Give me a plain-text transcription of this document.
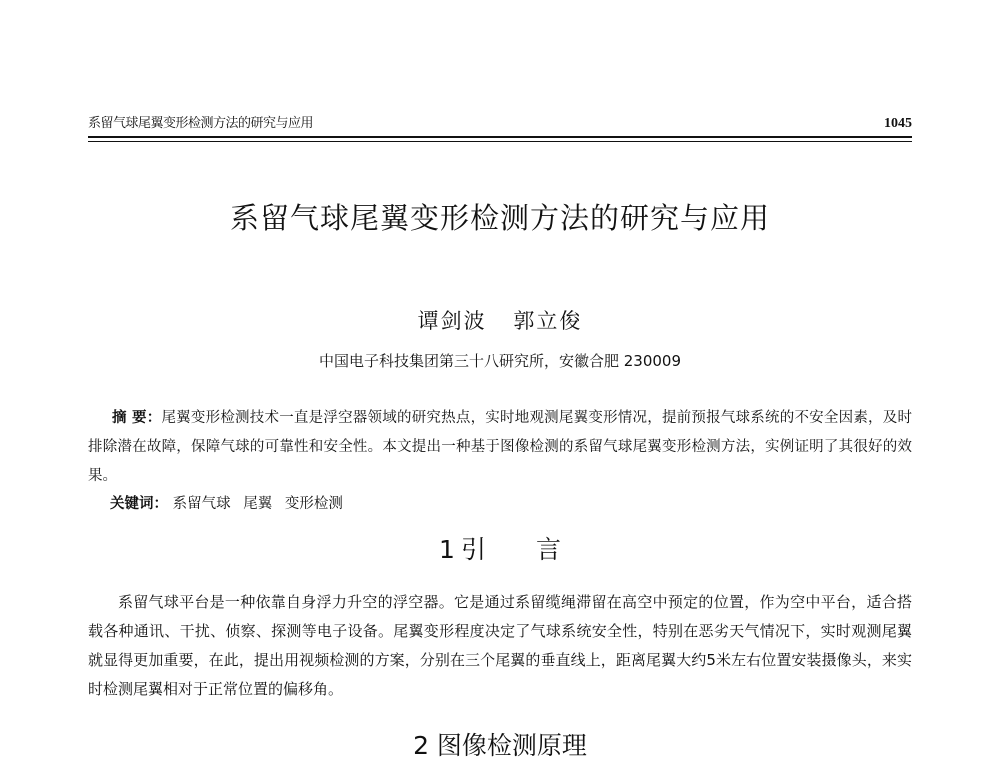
系留气球尾翼变形检测方法的研究与应用	1045
系留气球尾翼变形检测方法的研究与应用
谭剑波 郭立俊
中国电子科技集团第三十八研究所，安徽合肥 230009
摘 要：尾翼变形检测技术一直是浮空器领域的研究热点，实时地观测尾翼变形情况，提前预报气球系统的不安全因素，及时排除潜在故障，保障气球的可靠性和安全性。本文提出一种基于图像检测的系留气球尾翼变形检测方法，实例证明了其很好的效果。
关键词： 系留气球 尾翼 变形检测
1 引 言
系留气球平台是一种依靠自身浮力升空的浮空器。它是通过系留缆绳滞留在高空中预定的位置，作为空中平台，适合搭载各种通讯、干扰、侦察、探测等电子设备。尾翼变形程度决定了气球系统安全性，特别在恶劣天气情况下，实时观测尾翼就显得更加重要，在此，提出用视频检测的方案，分别在三个尾翼的垂直线上，距离尾翼大约5米左右位置安装摄像头，来实时检测尾翼相对于正常位置的偏移角。
2 图像检测原理
